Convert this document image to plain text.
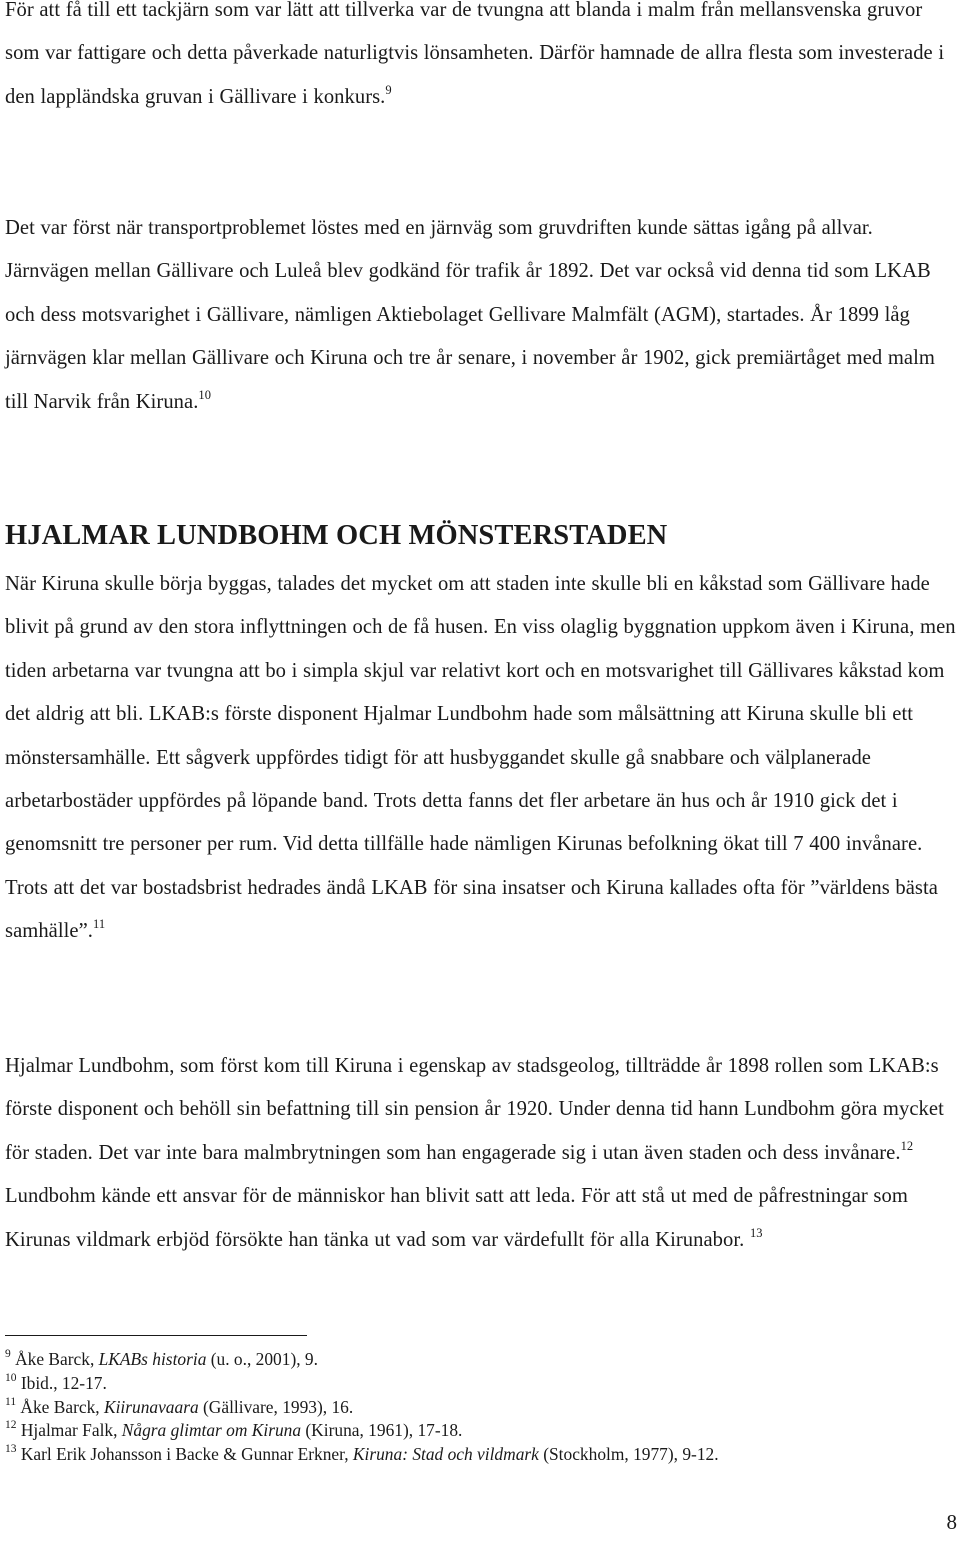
För att få till ett tackjärn som var lätt att tillverka var de tvungna att blanda i malm från mellansvenska gruvor som var fattigare och detta påverkade naturligtvis lönsamheten. Därför hamnade de allra flesta som investerade i den lappländska gruvan i Gällivare i konkurs.$^9$

Det var först när transportproblemet löstes med en järnväg som gruvdriften kunde sättas igång på allvar. Järnvägen mellan Gällivare och Luleå blev godkänd för trafik år 1892. Det var också vid denna tid som LKAB och dess motsvarighet i Gällivare, nämligen Aktiebolaget Gellivare Malmfält (AGM), startades. År 1899 låg järnvägen klar mellan Gällivare och Kiruna och tre år senare, i november år 1902, gick premiärtåget med malm till Narvik från Kiruna.$^{10}$

HJALMAR LUNDBOHM OCH MÖNSTERSTADEN

När Kiruna skulle börja byggas, talades det mycket om att staden inte skulle bli en kåkstad som Gällivare hade blivit på grund av den stora inflyttningen och de få husen. En viss olaglig byggnation uppkom även i Kiruna, men tiden arbetarna var tvungna att bo i simpla skjul var relativt kort och en motsvarighet till Gällivares kåkstad kom det aldrig att bli. LKAB:s förste disponent Hjalmar Lundbohm hade som målsättning att Kiruna skulle bli ett mönstersamhälle. Ett sågverk uppfördes tidigt för att husbyggandet skulle gå snabbare och välplanerade arbetarbostäder uppfördes på löpande band. Trots detta fanns det fler arbetare än hus och år 1910 gick det i genomsnitt tre personer per rum. Vid detta tillfälle hade nämligen Kirunas befolkning ökat till 7 400 invånare. Trots att det var bostadsbrist hedrades ändå LKAB för sina insatser och Kiruna kallades ofta för ”världens bästa samhälle”.$^{11}$

Hjalmar Lundbohm, som först kom till Kiruna i egenskap av stadsgeolog, tillträdde år 1898 rollen som LKAB:s förste disponent och behöll sin befattning till sin pension år 1920. Under denna tid hann Lundbohm göra mycket för staden. Det var inte bara malmbrytningen som han engagerade sig i utan även staden och dess invånare.$^{12}$ Lundbohm kände ett ansvar för de människor han blivit satt att leda. För att stå ut med de påfrestningar som Kirunas vildmark erbjöd försökte han tänka ut vad som var värdefullt för alla Kirunabor. $^{13}$

$^9$ Åke Barck, LKABs historia (u. o., 2001), 9.
$^{10}$ Ibid., 12-17.
$^{11}$ Åke Barck, Kiirunavaara (Gällivare, 1993), 16.
$^{12}$ Hjalmar Falk, Några glimtar om Kiruna (Kiruna, 1961), 17-18.
$^{13}$ Karl Erik Johansson i Backe & Gunnar Erkner, Kiruna: Stad och vildmark (Stockholm, 1977), 9-12.
8
